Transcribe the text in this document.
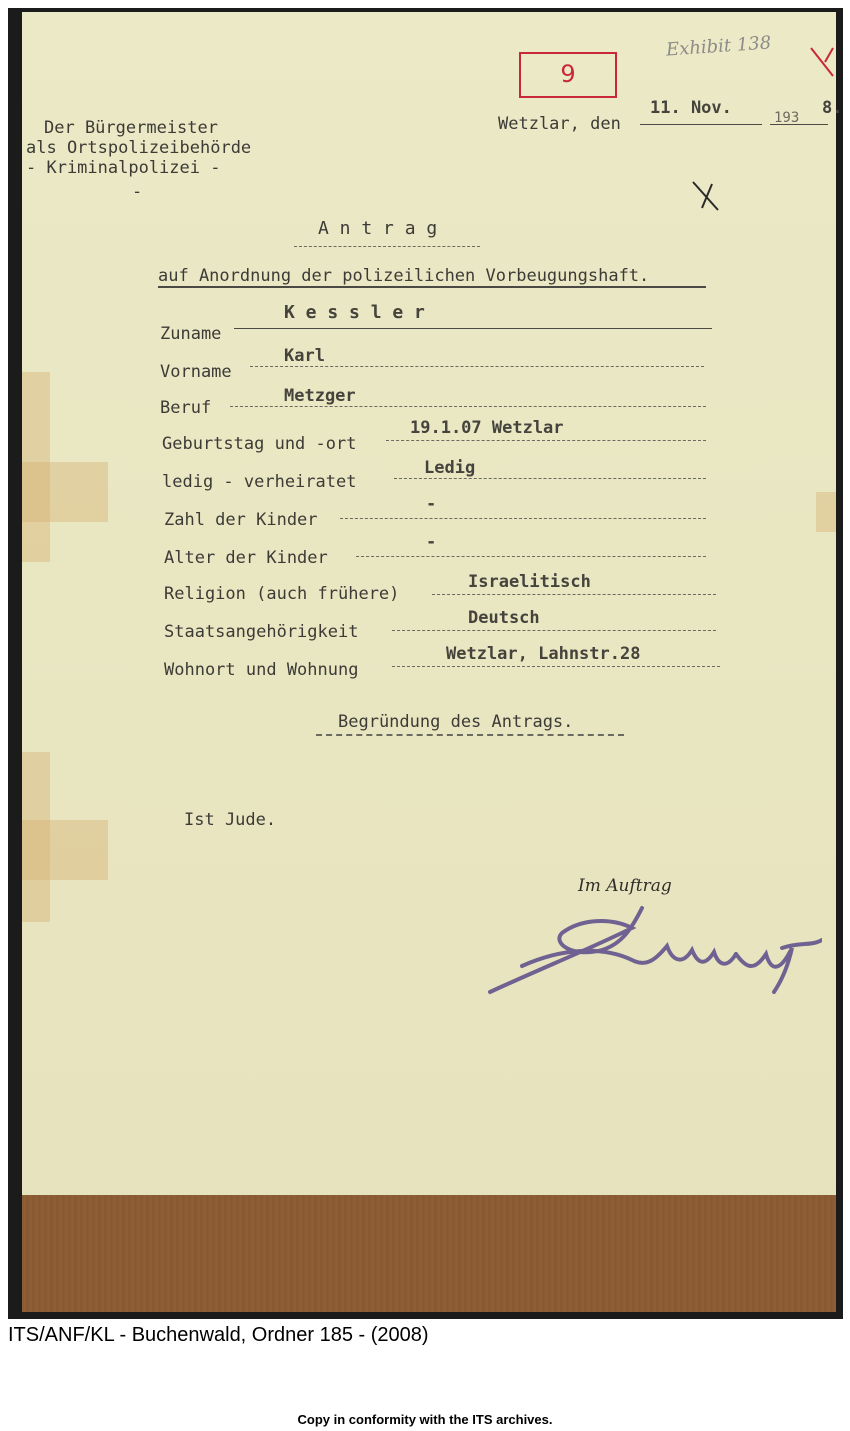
9
Exhibit 138
Der Bürgermeister
als Ortspolizeibehörde
- Kriminalpolizei -
-
Wetzlar, den
11. Nov.	193 8.
A n t r a g
auf Anordnung der polizeilichen Vorbeugungshaft.
Zuname
K e s s l e r
Vorname
Karl
Beruf
Metzger
Geburtstag und -ort
19.1.07 Wetzlar
ledig - verheiratet
Ledig
Zahl der Kinder
-
Alter der Kinder
-
Religion (auch frühere)
Israelitisch
Staatsangehörigkeit
Deutsch
Wohnort und Wohnung
Wetzlar, Lahnstr.28
Begründung des Antrags.
Ist Jude.
Im Auftrag
ITS/ANF/KL - Buchenwald, Ordner 185 - (2008)
Copy in conformity with the ITS archives.
